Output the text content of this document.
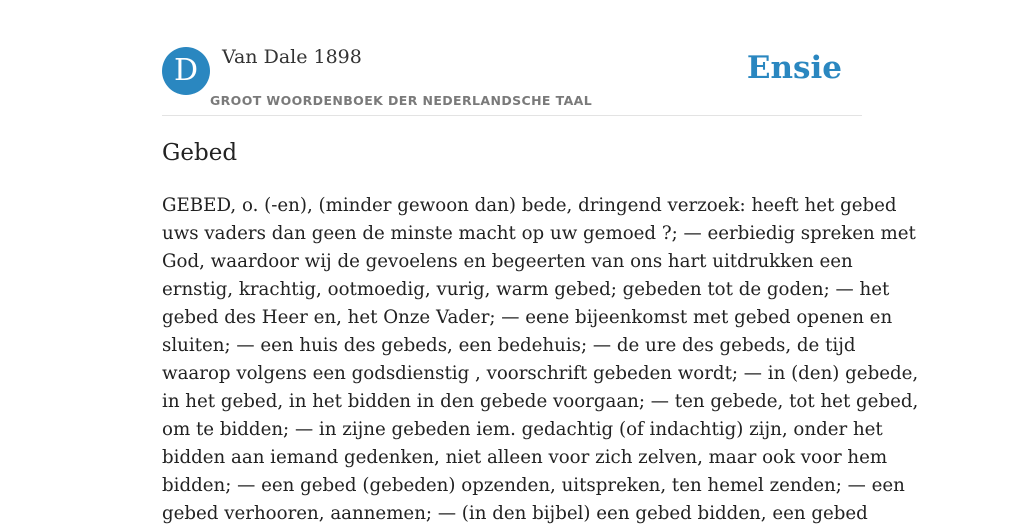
D	Van Dale 1898
GROOT WOORDENBOEK DER NEDERLANDSCHE TAAL
Ensie
Gebed
GEBED, o. (-en), (minder gewoon dan) bede, dringend verzoek: heeft het gebed
uws vaders dan geen de minste macht op uw gemoed ?; — eerbiedig spreken met
God, waardoor wij de gevoelens en begeerten van ons hart uitdrukken een
ernstig, krachtig, ootmoedig, vurig, warm gebed; gebeden tot de goden; — het
gebed des Heer en, het Onze Vader; — eene bijeenkomst met gebed openen en
sluiten; — een huis des gebeds, een bedehuis; — de ure des gebeds, de tijd
waarop volgens een godsdienstig , voorschrift gebeden wordt; — in (den) gebede,
in het gebed, in het bidden in den gebede voorgaan; — ten gebede, tot het gebed,
om te bidden; — in zijne gebeden iem. gedachtig (of indachtig) zijn, onder het
bidden aan iemand gedenken, niet alleen voor zich zelven, maar ook voor hem
bidden; — een gebed (gebeden) opzenden, uitspreken, ten hemel zenden; — een
gebed verhooren, aannemen; — (in den bijbel) een gebed bidden, een gebed
